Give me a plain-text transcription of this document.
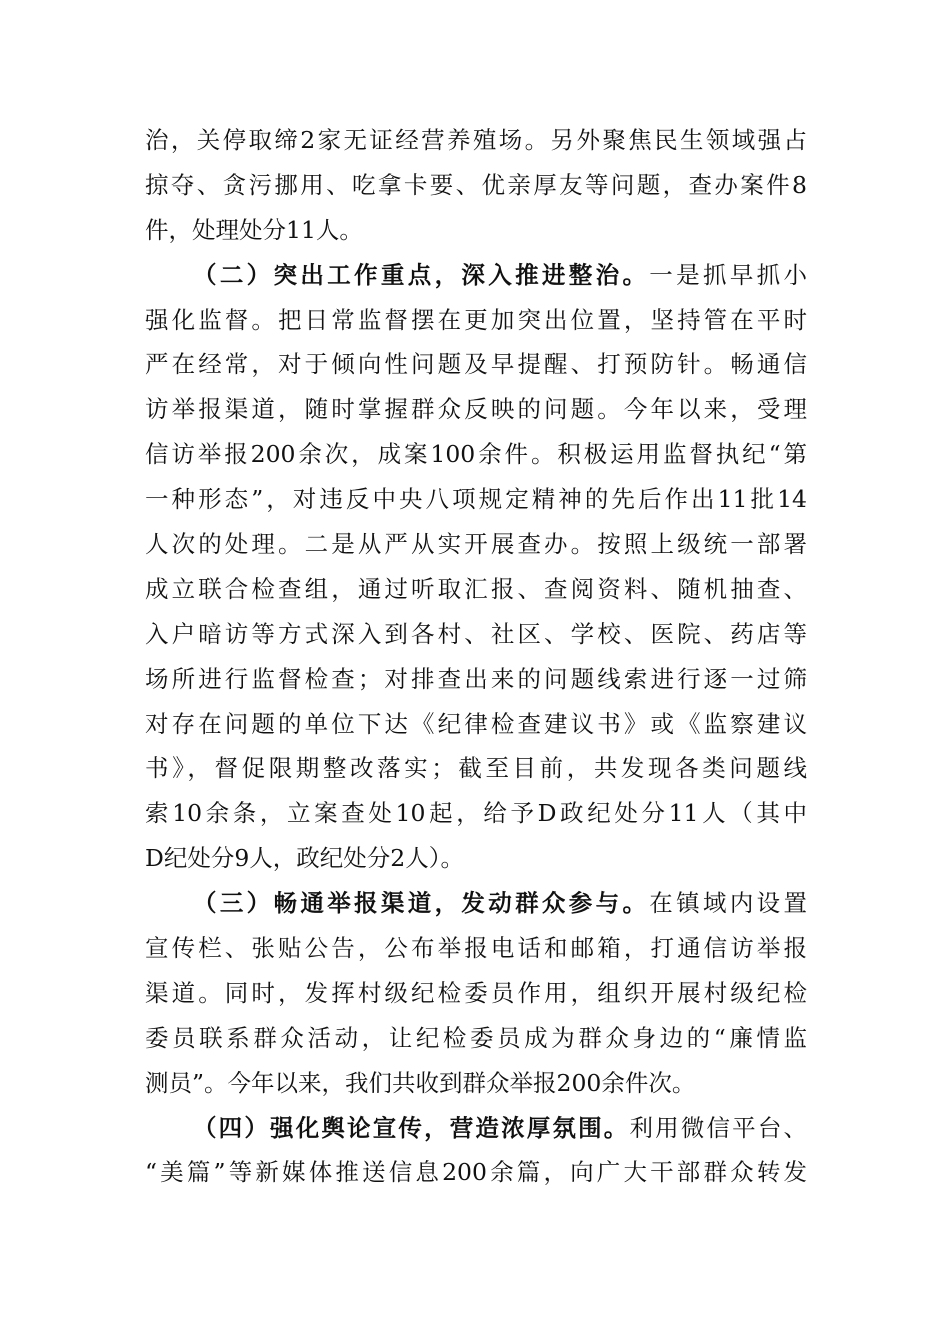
治，关停取缔2家无证经营养殖场。另外聚焦民生领域强占
掠夺、贪污挪用、吃拿卡要、优亲厚友等问题，查办案件8
件，处理处分11人。
（二）突出工作重点，深入推进整治。一是抓早抓小
强化监督。把日常监督摆在更加突出位置，坚持管在平时
严在经常，对于倾向性问题及早提醒、打预防针。畅通信
访举报渠道，随时掌握群众反映的问题。今年以来，受理
信访举报200余次，成案100余件。积极运用监督执纪“第
一种形态”，对违反中央八项规定精神的先后作出11批14
人次的处理。二是从严从实开展查办。按照上级统一部署
成立联合检查组，通过听取汇报、查阅资料、随机抽查、
入户暗访等方式深入到各村、社区、学校、医院、药店等
场所进行监督检查；对排查出来的问题线索进行逐一过筛
对存在问题的单位下达《纪律检查建议书》或《监察建议
书》，督促限期整改落实；截至目前，共发现各类问题线
索10余条，立案查处10起，给予D政纪处分11人（其中
D纪处分9人，政纪处分2人）。
（三）畅通举报渠道，发动群众参与。在镇域内设置
宣传栏、张贴公告，公布举报电话和邮箱，打通信访举报
渠道。同时，发挥村级纪检委员作用，组织开展村级纪检
委员联系群众活动，让纪检委员成为群众身边的“廉情监
测员”。今年以来，我们共收到群众举报200余件次。
（四）强化舆论宣传，营造浓厚氛围。利用微信平台、
“美篇”等新媒体推送信息200余篇，向广大干部群众转发
